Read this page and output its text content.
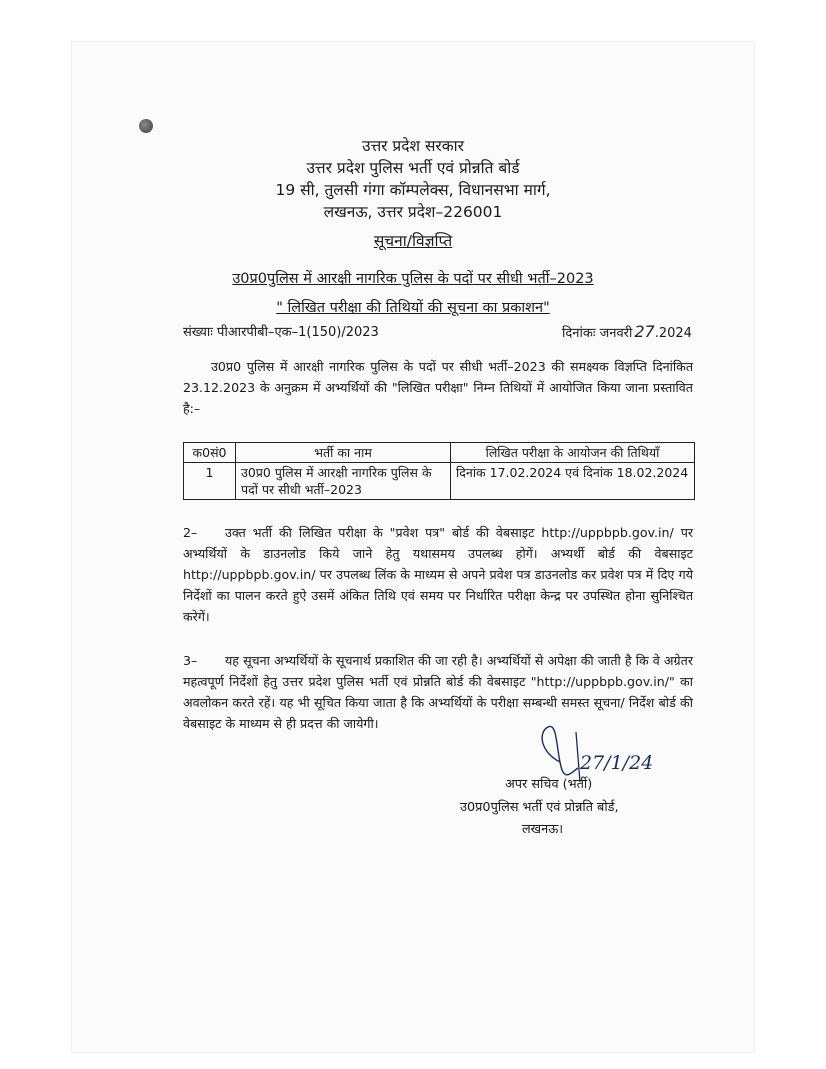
उत्तर प्रदेश सरकार
उत्तर प्रदेश पुलिस भर्ती एवं प्रोन्नति बोर्ड
19 सी, तुलसी गंगा कॉम्पलेक्स, विधानसभा मार्ग,
लखनऊ, उत्तर प्रदेश–226001
सूचना/विज्ञप्ति
उ0प्र0पुलिस में आरक्षी नागरिक पुलिस के पदों पर सीधी भर्ती–2023
" लिखित परीक्षा की तिथियों की सूचना का प्रकाशन"
संख्याः पीआरपीबी–एक–1(150)/2023	दिनांकः जनवरी 27.2024

उ0प्र0 पुलिस में आरक्षी नागरिक पुलिस के पदों पर सीधी भर्ती–2023 की समक्ष्यक विज्ञप्ति दिनांकित 23.12.2023 के अनुक्रम में अभ्यर्थियों की "लिखित परीक्षा" निम्न तिथियों में आयोजित किया जाना प्रस्तावित है:–

क0सं0	भर्ती का नाम	लिखित परीक्षा के आयोजन की तिथियाँ
1	उ0प्र0 पुलिस में आरक्षी नागरिक पुलिस के पदों पर सीधी भर्ती–2023	दिनांक 17.02.2024 एवं दिनांक 18.02.2024

2– उक्त भर्ती की लिखित परीक्षा के "प्रवेश पत्र" बोर्ड की वेबसाइट http://uppbpb.gov.in/ पर अभ्यर्थियों के डाउनलोड किये जाने हेतु यथासमय उपलब्ध होगें। अभ्यर्थी बोर्ड की वेबसाइट http://uppbpb.gov.in/ पर उपलब्ध लिंक के माध्यम से अपने प्रवेश पत्र डाउनलोड कर प्रवेश पत्र में दिए गये निर्देशों का पालन करते हुऐ उसमें अंकित तिथि एवं समय पर निर्धारित परीक्षा केन्द्र पर उपस्थित होना सुनिश्चित करेगें।

3– यह सूचना अभ्यर्थियों के सूचनार्थ प्रकाशित की जा रही है। अभ्यर्थियों से अपेक्षा की जाती है कि वे अग्रेतर महत्वपूर्ण निर्देशों हेतु उत्तर प्रदेश पुलिस भर्ती एवं प्रोन्नति बोर्ड की वेबसाइट "http://uppbpb.gov.in/" का अवलोकन करते रहें। यह भी सूचित किया जाता है कि अभ्यर्थियों के परीक्षा सम्बन्धी समस्त सूचना/ निर्देश बोर्ड की वेबसाइट के माध्यम से ही प्रदत्त की जायेगी।

27/1/24
अपर सचिव (भर्ती)
उ0प्र0पुलिस भर्ती एवं प्रोन्नति बोर्ड,
लखनऊ।
